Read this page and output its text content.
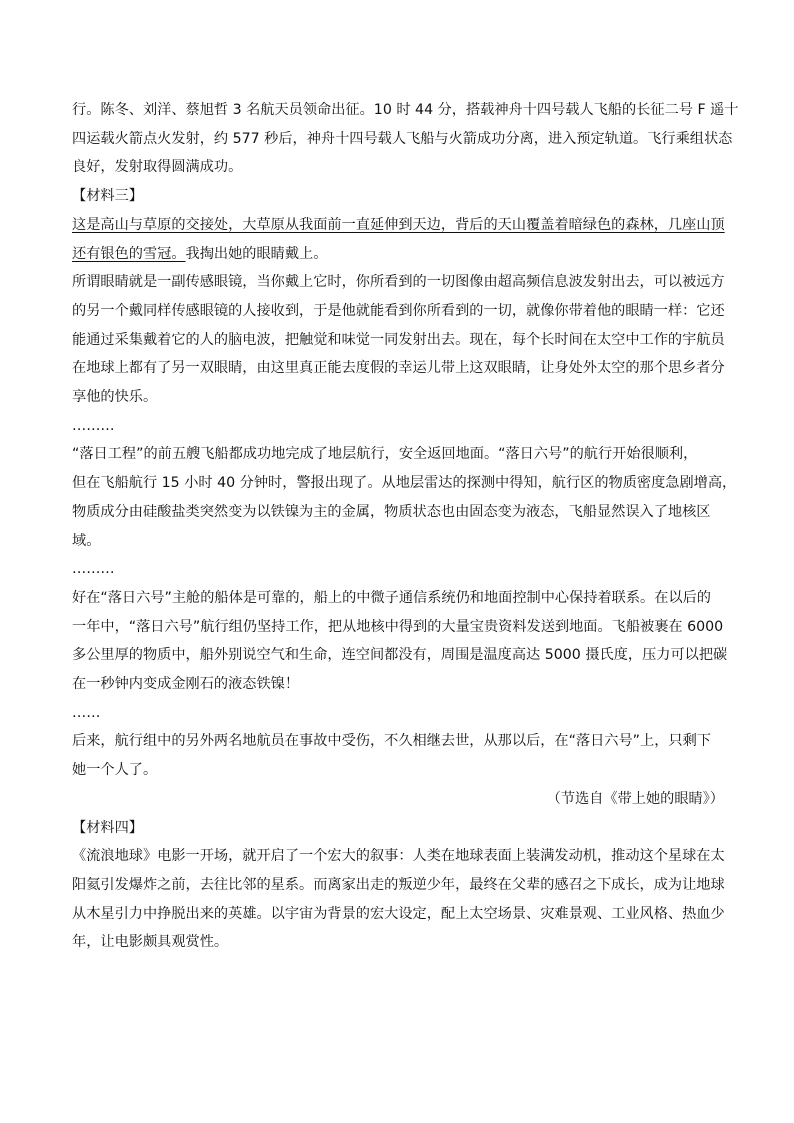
行。陈冬、刘洋、蔡旭哲 3 名航天员领命出征。10 时 44 分，搭载神舟十四号载人飞船的长征二号 F 遥十

四运载火箭点火发射，约 577 秒后，神舟十四号载人飞船与火箭成功分离，进入预定轨道。飞行乘组状态

良好，发射取得圆满成功。

【材料三】

这是高山与草原的交接处，大草原从我面前一直延伸到天边，背后的天山覆盖着暗绿色的森林，几座山顶

还有银色的雪冠。我掏出她的眼睛戴上。

所谓眼睛就是一副传感眼镜，当你戴上它时，你所看到的一切图像由超高频信息波发射出去，可以被远方

的另一个戴同样传感眼镜的人接收到，于是他就能看到你所看到的一切，就像你带着他的眼睛一样：它还

能通过采集戴着它的人的脑电波，把触觉和味觉一同发射出去。现在，每个长时间在太空中工作的宇航员

在地球上都有了另一双眼睛，由这里真正能去度假的幸运儿带上这双眼睛，让身处外太空的那个思乡者分

享他的快乐。

………

“落日工程”的前五艘飞船都成功地完成了地层航行，安全返回地面。“落日六号”的航行开始很顺利，

但在飞船航行 15 小时 40 分钟时，警报出现了。从地层雷达的探测中得知，航行区的物质密度急剧增高，

物质成分由硅酸盐类突然变为以铁镍为主的金属，物质状态也由固态变为液态，飞船显然误入了地核区

域。

………

好在“落日六号”主舱的船体是可靠的，船上的中微子通信系统仍和地面控制中心保持着联系。在以后的

一年中，“落日六号”航行组仍坚持工作，把从地核中得到的大量宝贵资料发送到地面。飞船被裹在 6000

多公里厚的物质中，船外别说空气和生命，连空间都没有，周围是温度高达 5000 摄氏度，压力可以把碳

在一秒钟内变成金刚石的液态铁镍！

……

后来，航行组中的另外两名地航员在事故中受伤，不久相继去世，从那以后，在“落日六号”上，只剩下

她一个人了。

（节选自《带上她的眼睛》）

【材料四】

《流浪地球》电影一开场，就开启了一个宏大的叙事：人类在地球表面上装满发动机，推动这个星球在太

阳氦引发爆炸之前，去往比邻的星系。而离家出走的叛逆少年，最终在父辈的感召之下成长，成为让地球

从木星引力中挣脱出来的英雄。以宇宙为背景的宏大设定，配上太空场景、灾难景观、工业风格、热血少

年，让电影颇具观赏性。
